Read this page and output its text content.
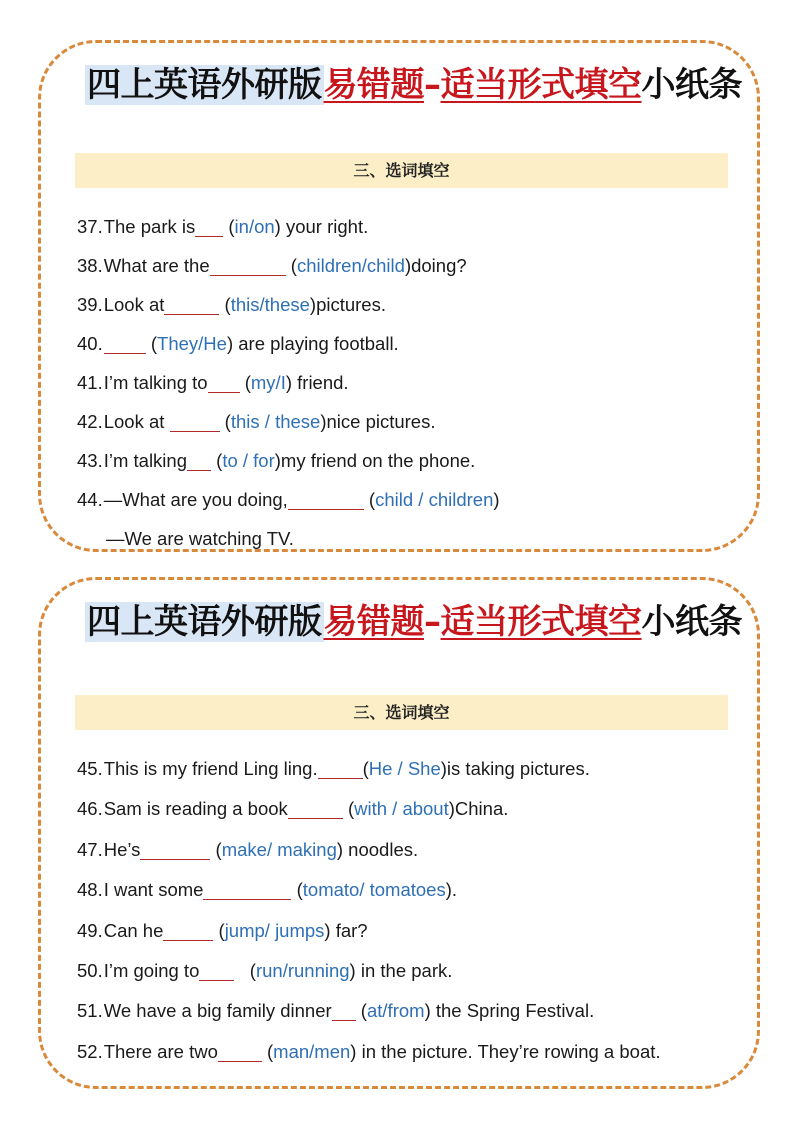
四上英语外研版易错题–适当形式填空小纸条
三、选词填空
37.The park is (in/on) your right.
38.What are the	(children/child)doing?
39.Look at	(this/these)pictures.
40. (They/He) are playing football.
41.I’m talking to (my/I) friend.
42.Look at	(this / these)nice pictures.
43.I’m talking (to / for)my friend on the phone.
44.—What are you doing,	(child / children)
—We are watching TV.
四上英语外研版易错题–适当形式填空小纸条
三、选词填空
45.This is my friend Ling ling. (He / She)is taking pictures.
46.Sam is reading a book	(with / about)China.
47.He’s	(make/ making) noodles.
48.I want some	(tomato/ tomatoes).
49.Can he	(jump/ jumps) far?
50.I’m going to   (run/running) in the park.
51.We have a big family dinner (at/from) the Spring Festival.
52.There are two (man/men) in the picture. They’re rowing a boat.
